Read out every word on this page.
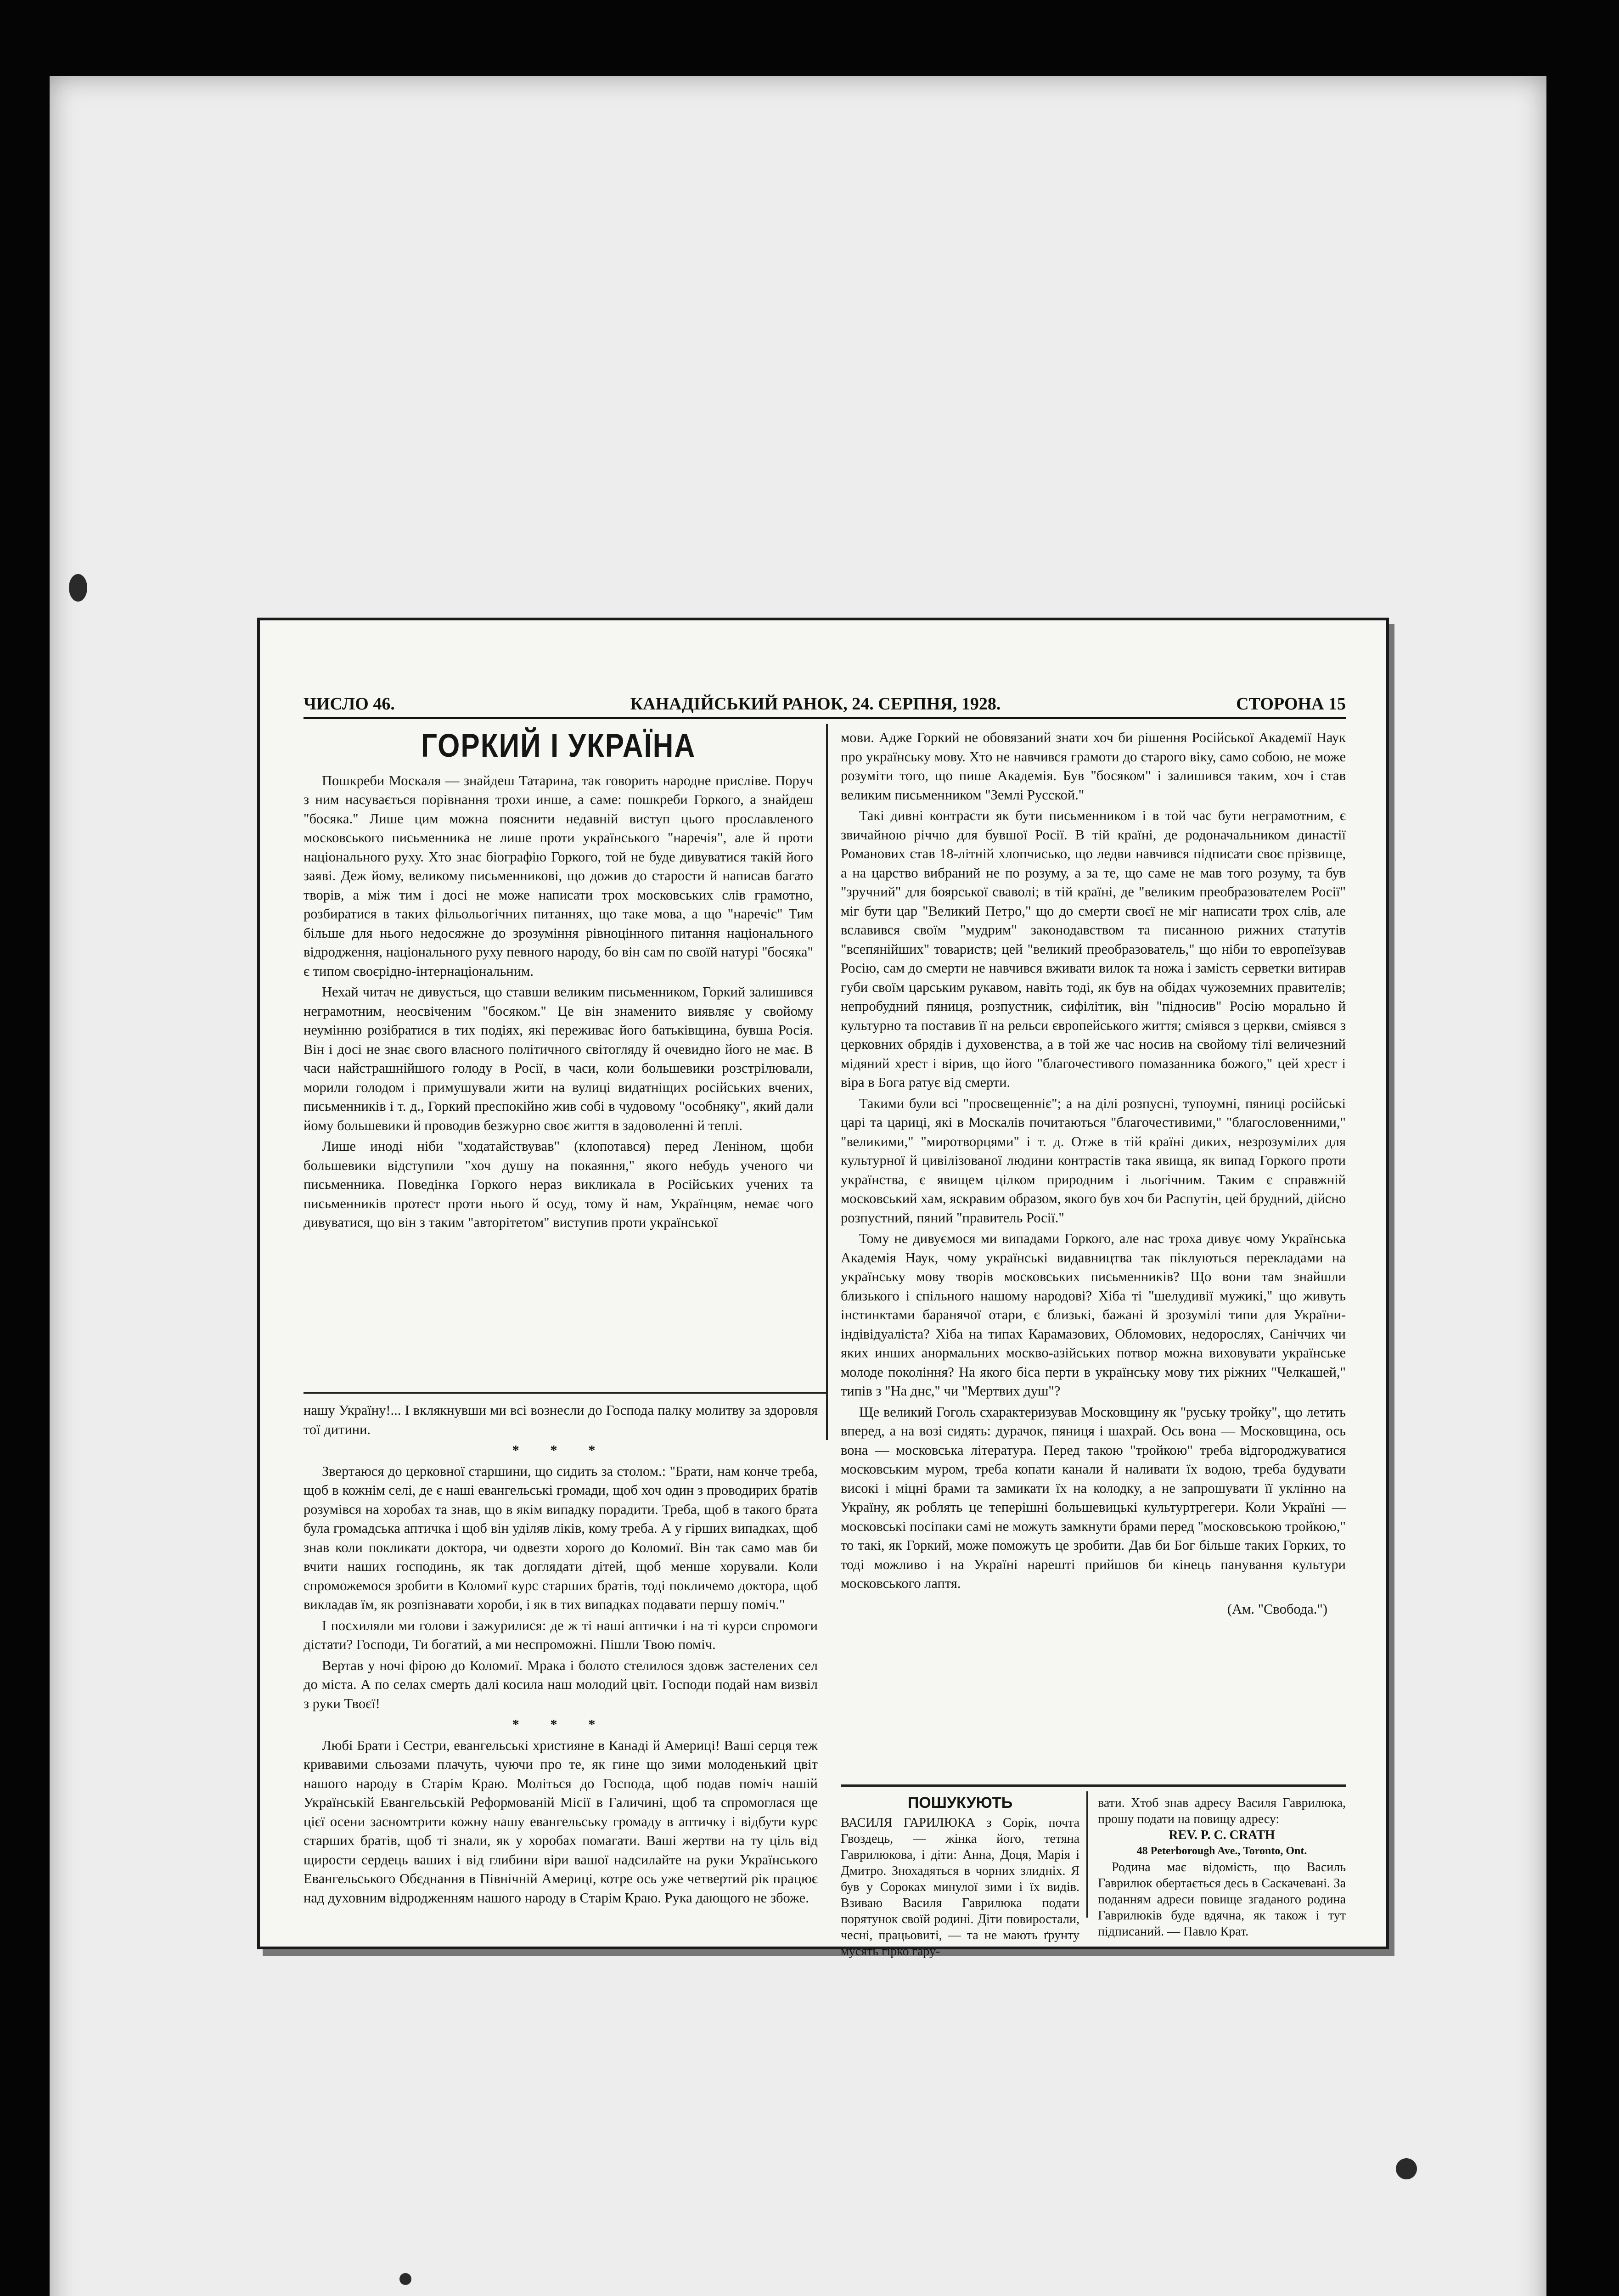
ЧИСЛО 46.	КАНАДІЙСЬКИЙ РАНОК, 24. СЕРПНЯ, 1928.	СТОРОНА 15
ГОРКИЙ І УКРАЇНА

Пошкреби Москаля — знайдеш Татарина, так говорить народне присліве. Поруч з ним насувається порівнання трохи инше, а саме: пошкреби Горкого, а знайдеш "босяка." Лише цим можна пояснити недавній виступ цього прославленого московського письменника не лише проти українського "наречія", але й проти національного руху. Хто знає біографію Горкого, той не буде дивуватися такій його заяві. Деж йому, великому письменникові, що дожив до старости й написав багато творів, а між тим і досі не може написати трох московських слів грамотно, розбиратися в таких фільольогічних питаннях, що таке мова, а що "наречіє" Тим більше для нього недосяжне до зрозуміння рівноцінного питання національного відродження, національного руху певного народу, бо він сам по своїй натурі "босяка" є типом своєрідно-інтернаціональним.

Нехай читач не дивується, що ставши великим письменником, Горкий залишився неграмотним, неосвіченим "босяком." Це він знаменито виявляє у свойому неумінню розібратися в тих подіях, які переживає його батьківщина, бувша Росія. Він і досі не знає свого власного політичного світогляду й очевидно його не має. В часи найстрашнійшого голоду в Росії, в часи, коли большевики розстрілювали, морили голодом і примушували жити на вулиці видатніщих російських вчених, письменників і т. д., Горкий преспокійно жив собі в чудовому "особняку", який дали йому большевики й проводив безжурно своє життя в задоволенні й теплі.

Лише иноді ніби "ходатайствував" (клопотався) перед Леніном, щоби большевики відступили "хоч душу на покаяння," якого небудь ученого чи письменника. Поведінка Горкого нераз викликала в Російських учених та письменників протест проти нього й осуд, тому й нам, Українцям, немає чого дивуватися, що він з таким "авторітетом" виступив проти української

нашу Україну!... І вклякнувши ми всі вознесли до Господа палку молитву за здоровля тої дитини.

* * *

Звертаюся до церковної старшини, що сидить за столом.: "Брати, нам конче треба, щоб в кожнім селі, де є наші евангельські громади, щоб хоч один з проводирих братів розумівся на хоробах та знав, що в якім випадку порадити. Треба, щоб в такого брата була громадська аптичка і щоб він уділяв ліків, кому треба. А у гірших випадках, щоб знав коли покликати доктора, чи одвезти хорого до Коломиї. Він так само мав би вчити наших господинь, як так доглядати дітей, щоб менше хорували. Коли спроможемося зробити в Коломиї курс старших братів, тоді покличемо доктора, щоб викладав їм, як розпізнавати хороби, і як в тих випадках подавати першу поміч."

І посхиляли ми голови і зажурилися: де ж ті наші аптички і на ті курси спромоги дістати? Господи, Ти богатий, а ми неспроможні. Пішли Твою поміч.

Вертав у ночі фірою до Коломиї. Мрака і болото стелилося здовж застелених сел до міста. А по селах смерть далі косила наш молодий цвіт. Господи подай нам визвіл з руки Твоєї!

* * *

Любі Брати і Сестри, евангельські християне в Канаді й Америці! Ваші серця теж кривавими сльозами плачуть, чуючи про те, як гине що зими молоденький цвіт нашого народу в Старім Краю. Моліться до Господа, щоб подав поміч нашій Українській Евангельській Реформованій Місії в Галичині, щоб та спромоглася ще цієї осени засномтрити кожну нашу евангельську громаду в аптичку і відбути курс старших братів, щоб ті знали, як у хоробах помагати. Ваші жертви на ту ціль від щирости сердець ваших і від глибини віри вашої надсилайте на руки Українського Евангельського Обєднання в Північній Америці, котре ось уже четвертий рік працює над духовним відродженням нашого народу в Старім Краю. Рука дающого не збоже.

мови. Адже Горкий не обовязаний знати хоч би рішення Російської Академії Наук про українську мову. Хто не навчився грамоти до старого віку, само собою, не може розуміти того, що пише Академія. Був "босяком" і залишився таким, хоч і став великим письменником "Землі Русской."

Такі дивні контрасти як бути письменником і в той час бути неграмотним, є звичайною річчю для бувшої Росії. В тій країні, де родоначальником династії Романових став 18-літній хлопчисько, що ледви навчився підписати своє прізвище, а на царство вибраний не по розуму, а за те, що саме не мав того розуму, та був "зручний" для боярської сваволі; в тій країні, де "великим преобразователем Росії" міг бути цар "Великий Петро," що до смерти своєї не міг написати трох слів, але вславився своїм "мудрим" законодавством та писанною рижних статутів "всепянійших" товариств; цей "великий преобразователь," що ніби то европеїзував Росію, сам до смерти не навчився вживати вилок та ножа і замість серветки витирав губи своїм царським рукавом, навіть тоді, як був на обідах чужоземних правителів; непробудний пяниця, розпустник, сифілітик, він "підносив" Росію морально й культурно та поставив її на рельси європейського життя; сміявся з церкви, сміявся з церковних обрядів і духовенства, а в той же час носив на свойому тілі величезний мідяний хрест і вірив, що його "благочестивого помазанника божого," цей хрест і віра в Бога ратує від смерти.

Такими були всі "просвещенніє"; а на ділі розпусні, тупоумні, пяниці російські царі та цариці, які в Москалів почитаються "благочестивими," "благословенними," "великими," "миротворцями" і т. д. Отже в тій країні диких, незрозумілих для культурної й цивілізованої людини контрастів така явища, як випад Горкого проти українства, є явищем цілком природним і льогічним. Таким є справжній московський хам, яскравим образом, якого був хоч би Распутін, цей брудний, дійсно розпустний, пяний "правитель Росії."

Тому не дивуємося ми випадами Горкого, але нас троха дивує чому Українська Академія Наук, чому українські видавництва так піклуються перекладами на українську мову творів московських письменників? Що вони там знайшли близького і спільного нашому народові? Хіба ті "шелудивії мужикі," що живуть інстинктами баранячої отари, є близькі, бажані й зрозумілі типи для України-індівідуаліста? Хіба на типах Карамазових, Обломових, недорослях, Саніччих чи яких инших анормальних москво-азійських потвор можна виховувати українське молоде покоління? На якого біса перти в українську мову тих ріжних "Челкашей," типів з "На днє," чи "Мертвих душ"?

Ще великий Гоголь схарактеризував Московщину як "руську тройку", що летить вперед, а на возі сидять: дурачок, пяниця і шахрай. Ось вона — Московщина, ось вона — московська література. Перед такою "тройкою" треба відгороджуватися московським муром, треба копати канали й наливати їх водою, треба будувати високі і міцні брами та замикати їх на колодку, а не запрошувати її уклінно на Україну, як роблять це теперішні большевицькі культуртрегери. Коли Україні — московські посіпаки самі не можуть замкнути брами перед "московською тройкою," то такі, як Горкий, може поможуть це зробити. Дав би Бог більше таких Горких, то тоді можливо і на Україні нарешті прийшов би кінець панування культури московського лаптя.

(Ам. "Свобода.")

ПОШУКУЮТЬ
ВАСИЛЯ ГАРИЛЮКА з Сорік, почта Гвоздець, — жінка його, тетяна Гаврилюкова, і діти: Анна, Доця, Марія і Дмитро. Знохадяться в чорних злидніх. Я був у Сороках минулої зими і їх видів. Взиваю Василя Гаврилюка подати порятунок своїй родині. Діти повиростали, чесні, працьовиті, — та не мають ґрунту мусять гірко гару-
вати. Хтоб знав адресу Василя Гаврилюка, прошу подати на повищу адресу:
REV. P. C. CRATH
48 Peterborough Ave., Toronto, Ont.
Родина має відомість, що Василь Гаврилюк обертається десь в Саскачевані. За поданням адреси повище згаданого родина Гаврилюків буде вдячна, як також і тут підписаний. — Павло Крат.
